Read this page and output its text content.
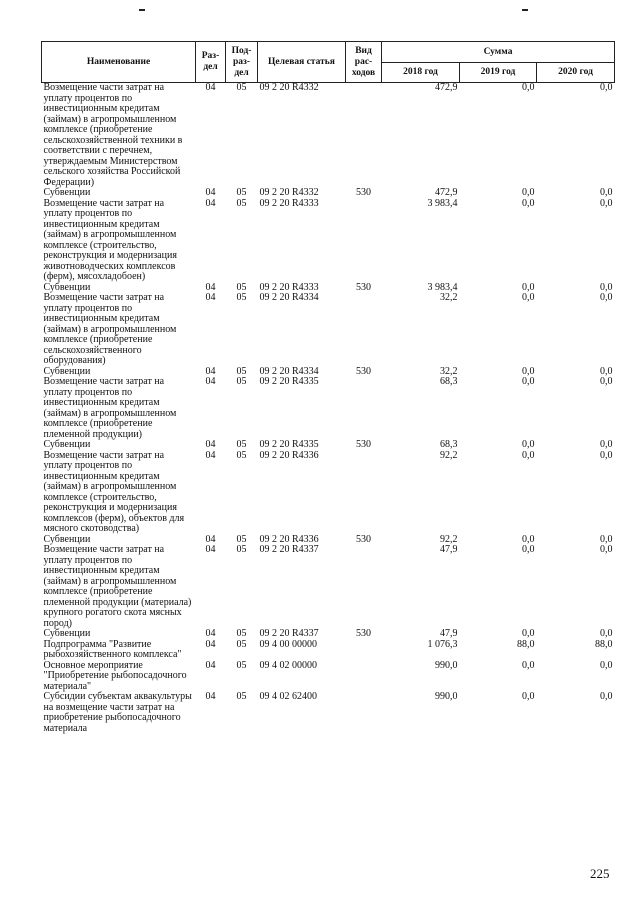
Наименование	Раз-дел	Под-раз-дел	Целевая статья	Вид рас-ходов	Сумма		
					2018 год	2019 год	2020 год
Возмещение части затрат на уплату процентов по инвестиционным кредитам (займам) в агропромышленном комплексе (приобретение сельскохозяйственной техники в соответствии с перечнем, утверждаемым Министерством сельского хозяйства Российской Федерации)	04	05	09 2 20 R4332		472,9	0,0	0,0
Субвенции	04	05	09 2 20 R4332	530	472,9	0,0	0,0
Возмещение части затрат на уплату процентов по инвестиционным кредитам (займам) в агропромышленном комплексе (строительство, реконструкция и модернизация животноводческих комплексов (ферм), мясохладобоен)	04	05	09 2 20 R4333		3 983,4	0,0	0,0
Субвенции	04	05	09 2 20 R4333	530	3 983,4	0,0	0,0
Возмещение части затрат на уплату процентов по инвестиционным кредитам (займам) в агропромышленном комплексе (приобретение сельскохозяйственного оборудования)	04	05	09 2 20 R4334		32,2	0,0	0,0
Субвенции	04	05	09 2 20 R4334	530	32,2	0,0	0,0
Возмещение части затрат на уплату процентов по инвестиционным кредитам (займам) в агропромышленном комплексе (приобретение племенной продукции)	04	05	09 2 20 R4335		68,3	0,0	0,0
Субвенции	04	05	09 2 20 R4335	530	68,3	0,0	0,0
Возмещение части затрат на уплату процентов по инвестиционным кредитам (займам) в агропромышленном комплексе (строительство, реконструкция и модернизация комплексов (ферм), объектов для мясного скотоводства)	04	05	09 2 20 R4336		92,2	0,0	0,0
Субвенции	04	05	09 2 20 R4336	530	92,2	0,0	0,0
Возмещение части затрат на уплату процентов по инвестиционным кредитам (займам) в агропромышленном комплексе (приобретение племенной продукции (материала) крупного рогатого скота мясных пород)	04	05	09 2 20 R4337		47,9	0,0	0,0
Субвенции	04	05	09 2 20 R4337	530	47,9	0,0	0,0
Подпрограмма "Развитие рыбохозяйственного комплекса"	04	05	09 4 00 00000		1 076,3	88,0	88,0
Основное мероприятие "Приобретение рыбопосадочного материала"	04	05	09 4 02 00000		990,0	0,0	0,0
Субсидии субъектам аквакультуры на возмещение части затрат на приобретение рыбопосадочного материала	04	05	09 4 02 62400		990,0	0,0	0,0
225
